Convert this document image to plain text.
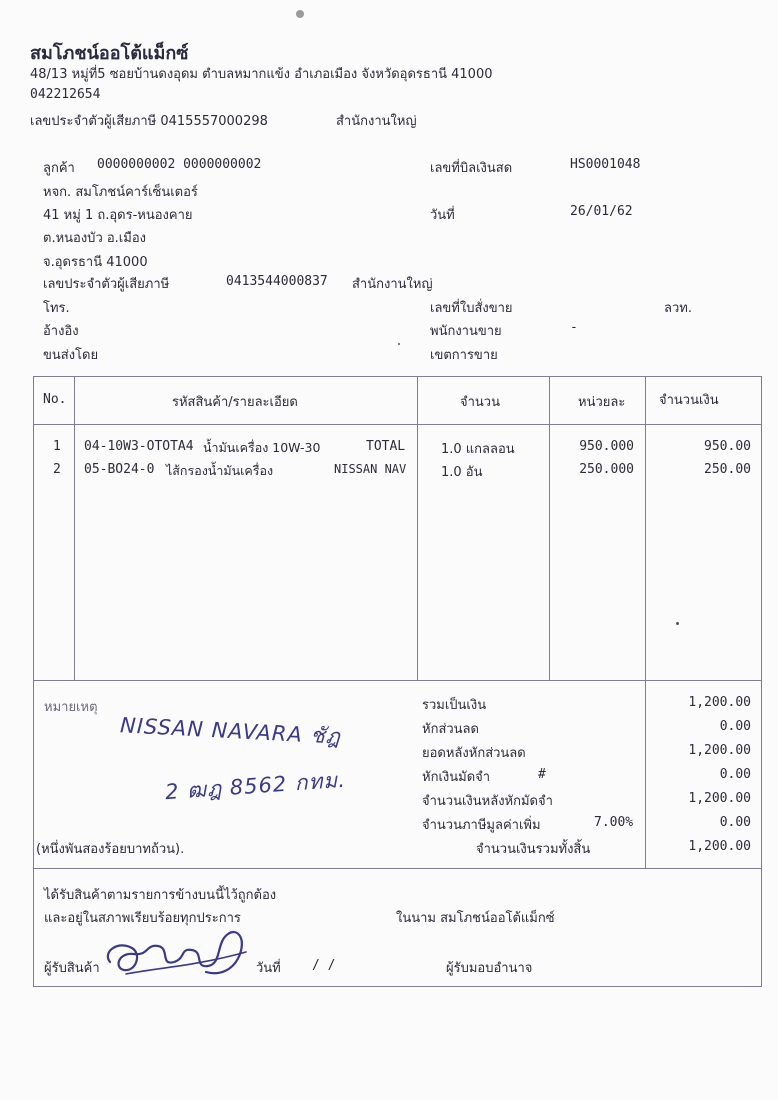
สมโภชน์ออโต้แม็กซ์
48/13 หมู่ที่5 ซอยบ้านดงอุดม ตำบลหมากแข้ง อำเภอเมือง จังหวัดอุดรธานี 41000
042212654
เลขประจำตัวผู้เสียภาษี 0415557000298	สำนักงานใหญ่
ลูกค้า 0000000002 0000000002
หจก. สมโภชน์คาร์เซ็นเตอร์
41 หมู่ 1 ถ.อุดร-หนองคาย
ต.หนองบัว อ.เมือง
จ.อุดรธานี 41000
เลขประจำตัวผู้เสียภาษี	0413544000837 สำนักงานใหญ่
โทร.
อ้างอิง
ขนส่งโดย
เลขที่บิลเงินสด	HS0001048
วันที่	26/01/62
เลขที่ใบสั่งขาย	ลวท.
พนักงานขาย	-
เขตการขาย
No.	รหัสสินค้า/รายละเอียด	จำนวน	หน่วยละ	จำนวนเงิน
1 04-10W3-OTOTA4 น้ำมันเครื่อง 10W-30	TOTAL	1.0 แกลลอน	950.000	950.00
2 05-BO24-0 ไส้กรองน้ำมันเครื่อง	NISSAN NAV	1.0 อัน	250.000	250.00
หมายเหตุ
NISSAN NAVARA ชัฎ
2 ฒฎ 8562 กทม.
(หนึ่งพันสองร้อยบาทถ้วน).
รวมเป็นเงิน	1,200.00
หักส่วนลด	0.00
ยอดหลังหักส่วนลด	1,200.00
หักเงินมัดจำ	#	0.00
จำนวนเงินหลังหักมัดจำ	1,200.00
จำนวนภาษีมูลค่าเพิ่ม	7.00%	0.00
จำนวนเงินรวมทั้งสิ้น	1,200.00
ได้รับสินค้าตามรายการข้างบนนี้ไว้ถูกต้อง
และอยู่ในสภาพเรียบร้อยทุกประการ	ในนาม สมโภชน์ออโต้แม็กซ์
ผู้รับสินค้า	วันที่ / /	ผู้รับมอบอำนาจ
